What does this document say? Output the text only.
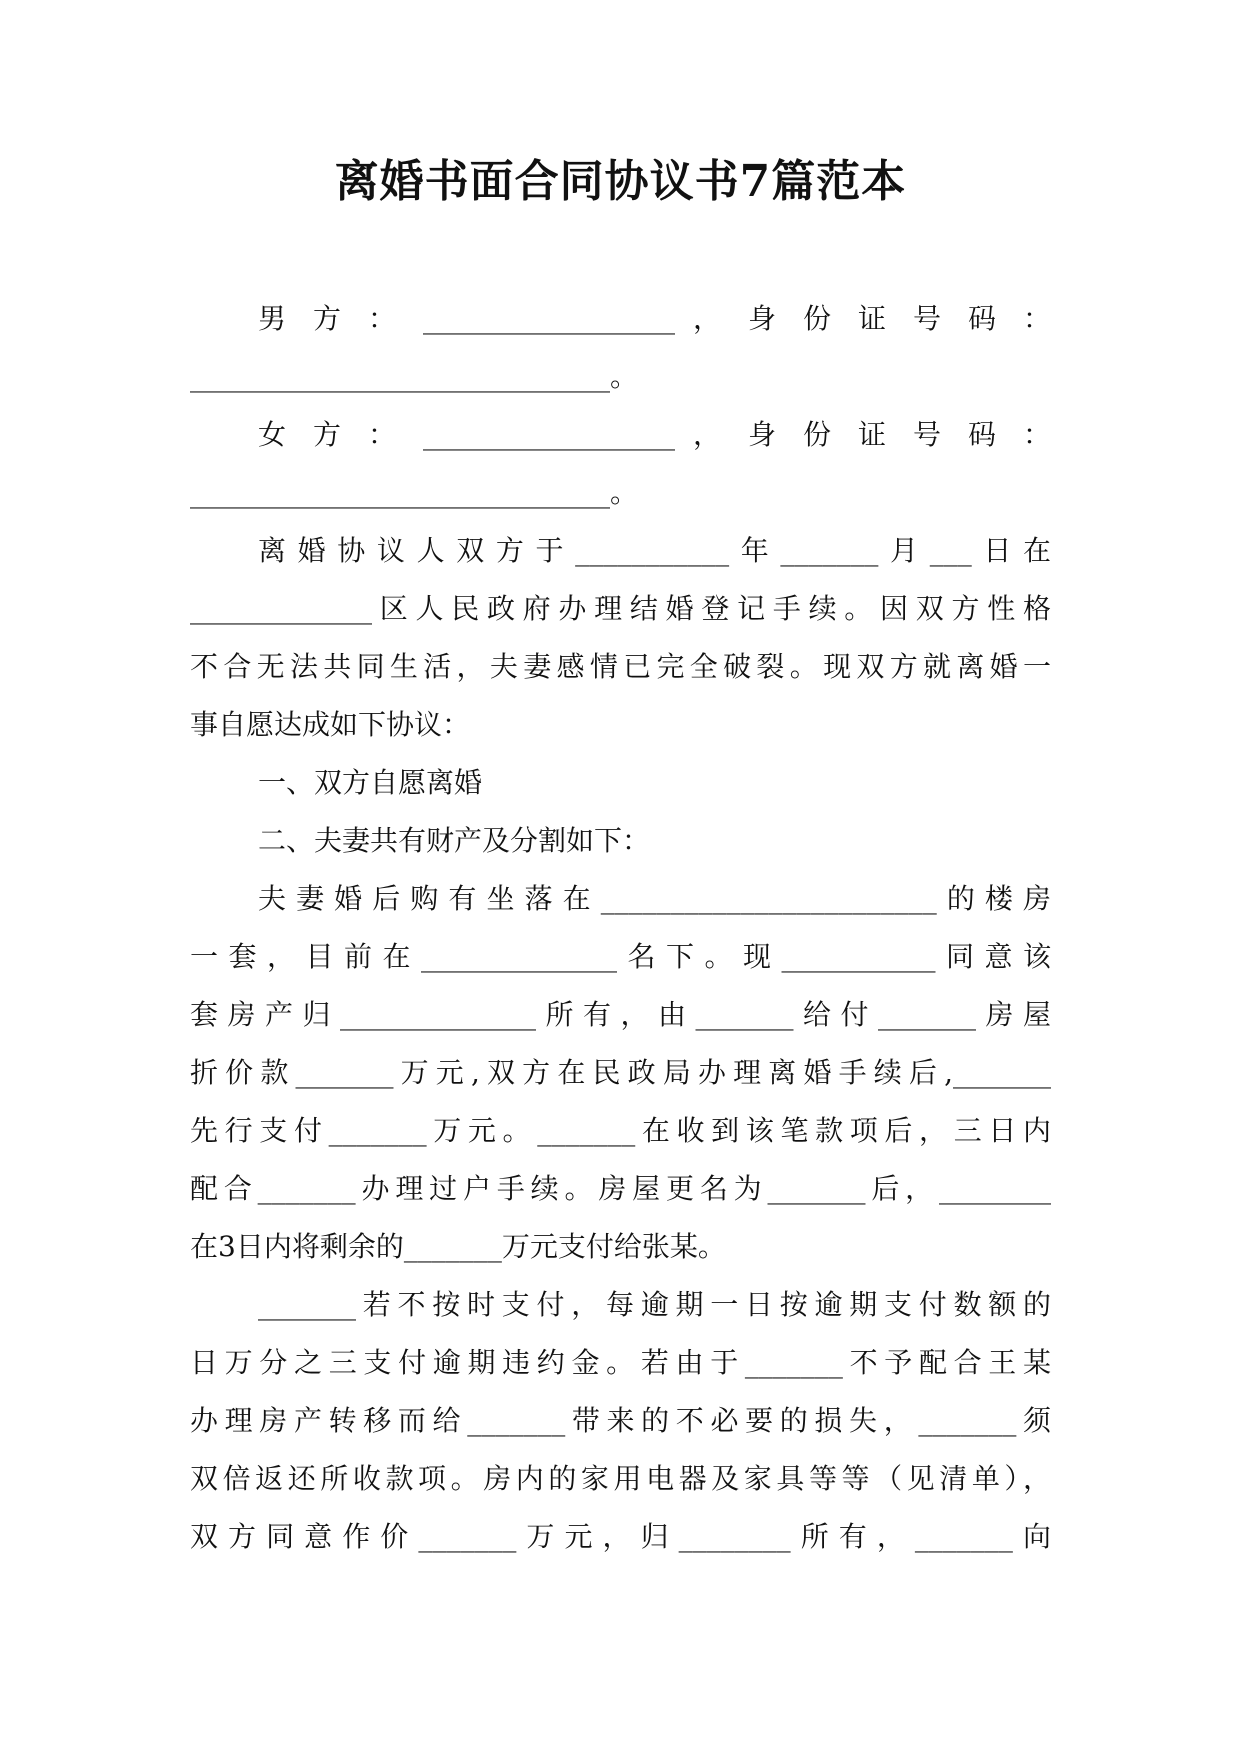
离婚书面合同协议书7篇范本
男 方 ： __________________ ， 身 份 证 号 码 ：
______________________________。
女 方 ： __________________ ， 身 份 证 号 码 ：
______________________________。
离婚协议人双方于___________年_______月___日在
_____________区人民政府办理结婚登记手续。因双方性格
不合无法共同生活，夫妻感情已完全破裂。现双方就离婚一
事自愿达成如下协议：
一、双方自愿离婚
二、夫妻共有财产及分割如下：
夫妻婚后购有坐落在________________________的楼房
一套，目前在______________名下。现___________同意该
套房产归______________所有，由_______给付_______房屋
折价款_______万元,双方在民政局办理离婚手续后,_______
先行支付_______万元。_______在收到该笔款项后，三日内
配合_______办理过户手续。房屋更名为_______后，________
在3日内将剩余的_______万元支付给张某。
_______若不按时支付，每逾期一日按逾期支付数额的
日万分之三支付逾期违约金。若由于_______不予配合王某
办理房产转移而给_______带来的不必要的损失，_______须
双倍返还所收款项。房内的家用电器及家具等等（见清单），
双方同意作价_______万元，归________所有，_______向
